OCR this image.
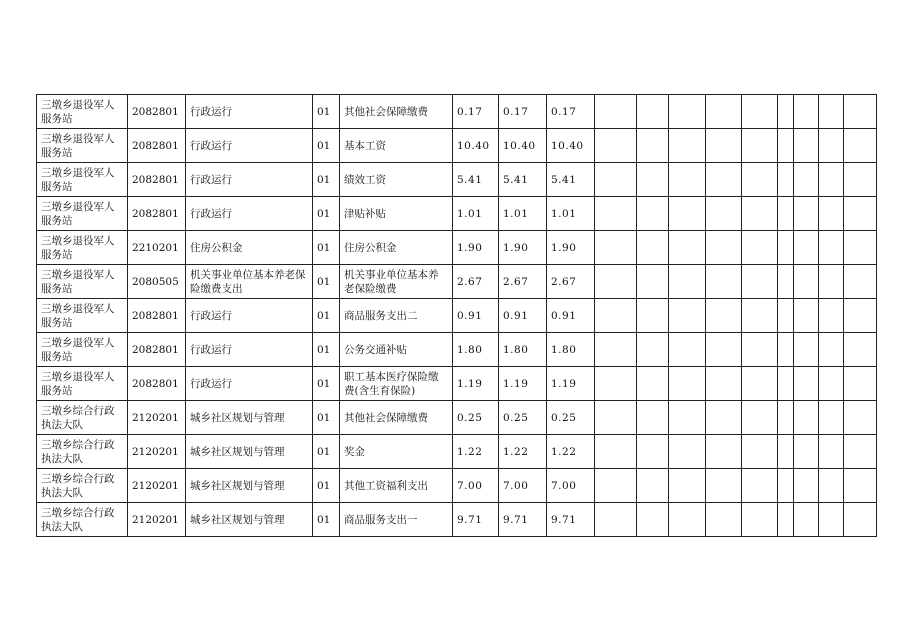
三墩乡退役军人服务站	2082801	行政运行	01	其他社会保障缴费	0.17	0.17	0.17									
三墩乡退役军人服务站	2082801	行政运行	01	基本工资	10.40	10.40	10.40									
三墩乡退役军人服务站	2082801	行政运行	01	绩效工资	5.41	5.41	5.41									
三墩乡退役军人服务站	2082801	行政运行	01	津贴补贴	1.01	1.01	1.01									
三墩乡退役军人服务站	2210201	住房公积金	01	住房公积金	1.90	1.90	1.90									
三墩乡退役军人服务站	2080505	机关事业单位基本养老保险缴费支出	01	机关事业单位基本养老保险缴费	2.67	2.67	2.67									
三墩乡退役军人服务站	2082801	行政运行	01	商品服务支出二	0.91	0.91	0.91									
三墩乡退役军人服务站	2082801	行政运行	01	公务交通补贴	1.80	1.80	1.80									
三墩乡退役军人服务站	2082801	行政运行	01	职工基本医疗保险缴费(含生育保险)	1.19	1.19	1.19									
三墩乡综合行政执法大队	2120201	城乡社区规划与管理	01	其他社会保障缴费	0.25	0.25	0.25									
三墩乡综合行政执法大队	2120201	城乡社区规划与管理	01	奖金	1.22	1.22	1.22									
三墩乡综合行政执法大队	2120201	城乡社区规划与管理	01	其他工资福利支出	7.00	7.00	7.00									
三墩乡综合行政执法大队	2120201	城乡社区规划与管理	01	商品服务支出一	9.71	9.71	9.71									
